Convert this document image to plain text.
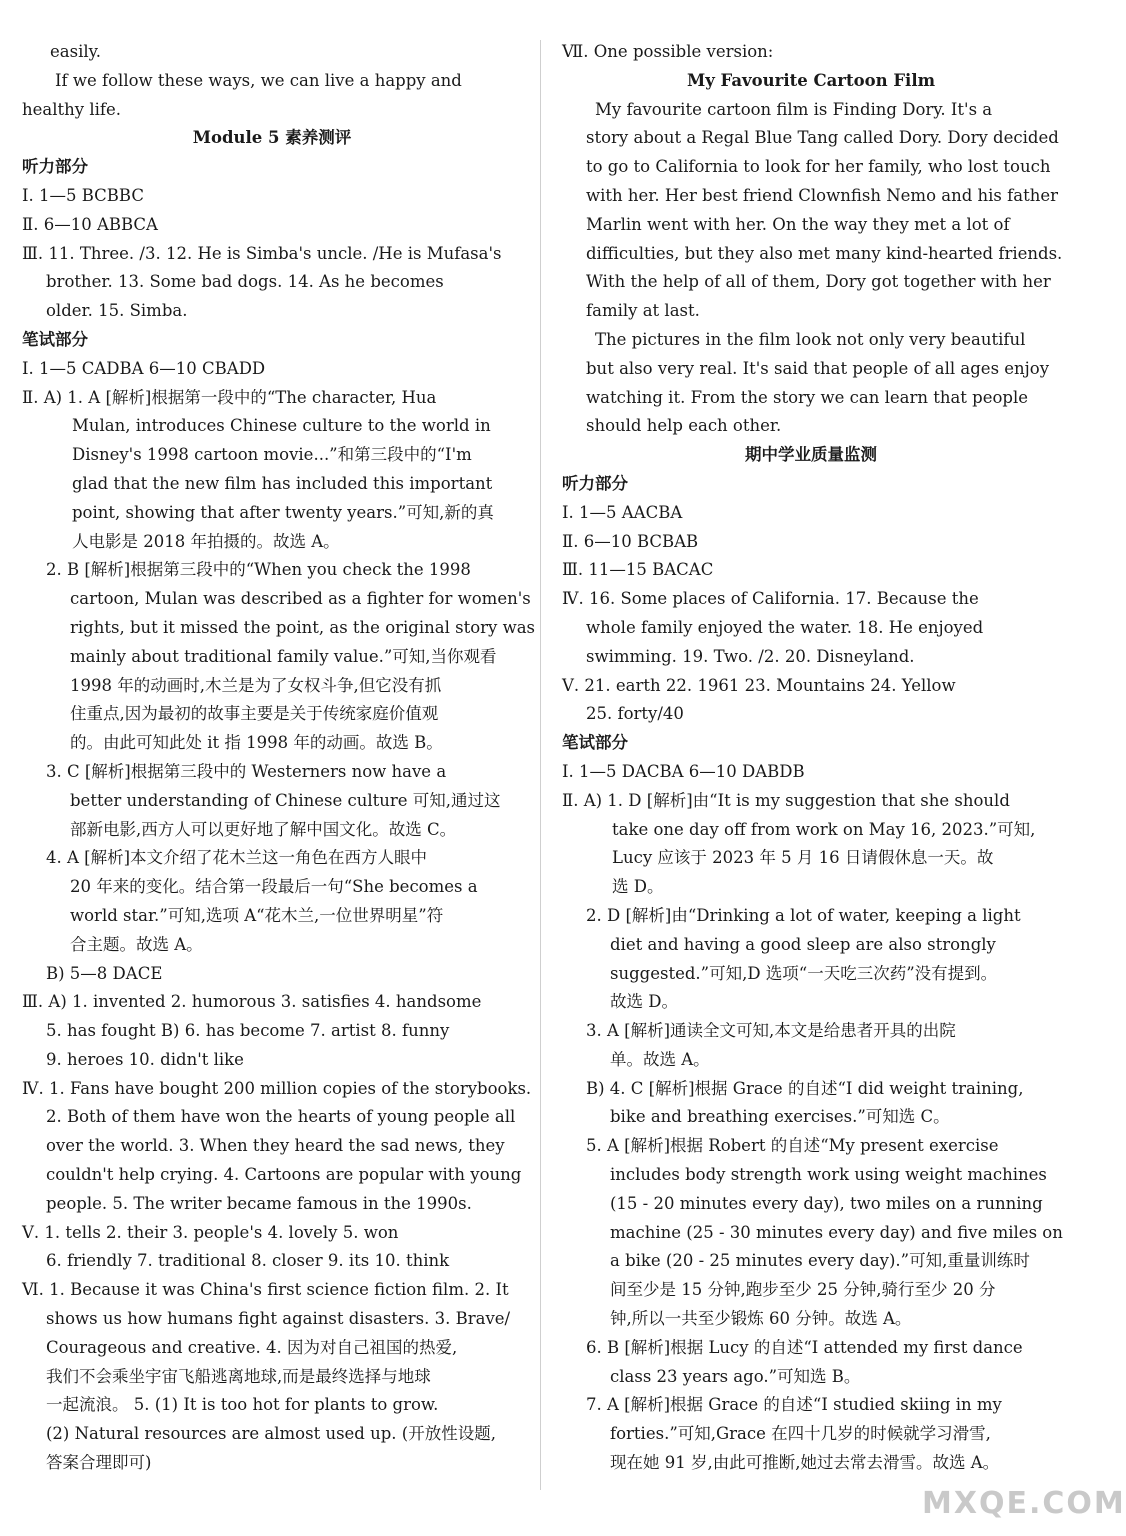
easily.
If we follow these ways, we can live a happy and
healthy life.
Module 5 素养测评
听力部分
Ⅰ. 1—5 BCBBC
Ⅱ. 6—10 ABBCA
Ⅲ. 11. Three. /3. 12. He is Simba's uncle. /He is Mufasa's
brother. 13. Some bad dogs. 14. As he becomes
older. 15. Simba.
笔试部分
Ⅰ. 1—5 CADBA 6—10 CBADD
Ⅱ. A) 1. A [解析]根据第一段中的“The character, Hua
Mulan, introduces Chinese culture to the world in
Disney's 1998 cartoon movie...”和第三段中的“I'm
glad that the new film has included this important
point, showing that after twenty years.”可知,新的真
人电影是 2018 年拍摄的。故选 A。
2. B [解析]根据第三段中的“When you check the 1998
cartoon, Mulan was described as a fighter for women's
rights, but it missed the point, as the original story was
mainly about traditional family value.”可知,当你观看
1998 年的动画时,木兰是为了女权斗争,但它没有抓
住重点,因为最初的故事主要是关于传统家庭价值观
的。由此可知此处 it 指 1998 年的动画。故选 B。
3. C [解析]根据第三段中的 Westerners now have a
better understanding of Chinese culture 可知,通过这
部新电影,西方人可以更好地了解中国文化。故选 C。
4. A [解析]本文介绍了花木兰这一角色在西方人眼中
20 年来的变化。结合第一段最后一句“She becomes a
world star.”可知,选项 A“花木兰,一位世界明星”符
合主题。故选 A。
B) 5—8 DACE
Ⅲ. A) 1. invented 2. humorous 3. satisfies 4. handsome
5. has fought B) 6. has become 7. artist 8. funny
9. heroes 10. didn't like
Ⅳ. 1. Fans have bought 200 million copies of the storybooks.
2. Both of them have won the hearts of young people all
over the world. 3. When they heard the sad news, they
couldn't help crying. 4. Cartoons are popular with young
people. 5. The writer became famous in the 1990s.
Ⅴ. 1. tells 2. their 3. people's 4. lovely 5. won
6. friendly 7. traditional 8. closer 9. its 10. think
Ⅵ. 1. Because it was China's first science fiction film. 2. It
shows us how humans fight against disasters. 3. Brave/
Courageous and creative. 4. 因为对自己祖国的热爱,
我们不会乘坐宇宙飞船逃离地球,而是最终选择与地球
一起流浪。 5. (1) It is too hot for plants to grow.
(2) Natural resources are almost used up. (开放性设题,
答案合理即可)
Ⅶ. One possible version:
My Favourite Cartoon Film
My favourite cartoon film is Finding Dory. It's a
story about a Regal Blue Tang called Dory. Dory decided
to go to California to look for her family, who lost touch
with her. Her best friend Clownfish Nemo and his father
Marlin went with her. On the way they met a lot of
difficulties, but they also met many kind-hearted friends.
With the help of all of them, Dory got together with her
family at last.
The pictures in the film look not only very beautiful
but also very real. It's said that people of all ages enjoy
watching it. From the story we can learn that people
should help each other.
期中学业质量监测
听力部分
Ⅰ. 1—5 AACBA
Ⅱ. 6—10 BCBAB
Ⅲ. 11—15 BACAC
Ⅳ. 16. Some places of California. 17. Because the
whole family enjoyed the water. 18. He enjoyed
swimming. 19. Two. /2. 20. Disneyland.
Ⅴ. 21. earth 22. 1961 23. Mountains 24. Yellow
25. forty/40
笔试部分
Ⅰ. 1—5 DACBA 6—10 DABDB
Ⅱ. A) 1. D [解析]由“It is my suggestion that she should
take one day off from work on May 16, 2023.”可知,
Lucy 应该于 2023 年 5 月 16 日请假休息一天。故
选 D。
2. D [解析]由“Drinking a lot of water, keeping a light
diet and having a good sleep are also strongly
suggested.”可知,D 选项“一天吃三次药”没有提到。
故选 D。
3. A [解析]通读全文可知,本文是给患者开具的出院
单。故选 A。
B) 4. C [解析]根据 Grace 的自述“I did weight training,
bike and breathing exercises.”可知选 C。
5. A [解析]根据 Robert 的自述“My present exercise
includes body strength work using weight machines
(15 - 20 minutes every day), two miles on a running
machine (25 - 30 minutes every day) and five miles on
a bike (20 - 25 minutes every day).”可知,重量训练时
间至少是 15 分钟,跑步至少 25 分钟,骑行至少 20 分
钟,所以一共至少锻炼 60 分钟。故选 A。
6. B [解析]根据 Lucy 的自述“I attended my first dance
class 23 years ago.”可知选 B。
7. A [解析]根据 Grace 的自述“I studied skiing in my
forties.”可知,Grace 在四十几岁的时候就学习滑雪,
现在她 91 岁,由此可推断,她过去常去滑雪。故选 A。
MXQE.COM
